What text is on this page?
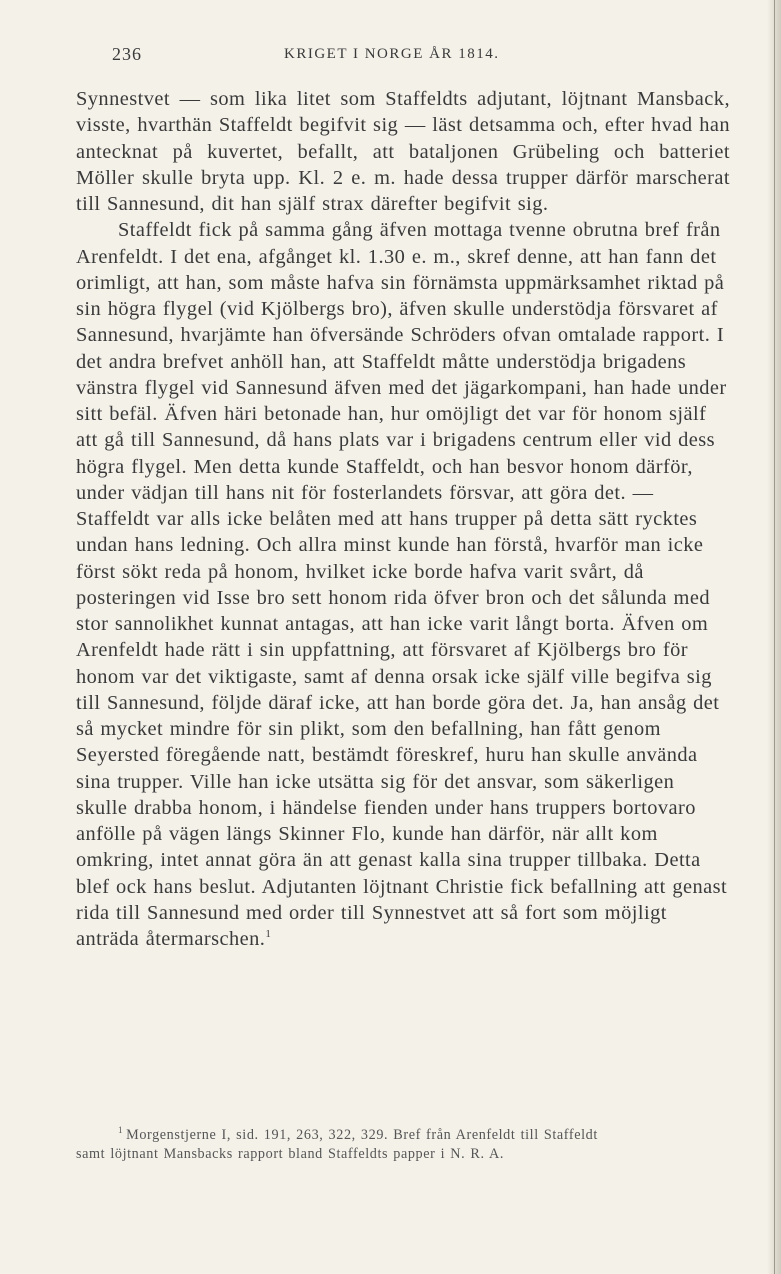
236	KRIGET I NORGE ÅR 1814.

Synnestvet — som lika litet som Staffeldts adjutant, löjtnant Mansback, visste, hvarthän Staffeldt begifvit sig — läst detsamma och, efter hvad han antecknat på kuvertet, befallt, att bataljonen Grübeling och batteriet Möller skulle bryta upp. Kl. 2 e. m. hade dessa trupper därför marscherat till Sannesund, dit han själf strax därefter begifvit sig.

Staffeldt fick på samma gång äfven mottaga tvenne obrutna bref från Arenfeldt. I det ena, afgånget kl. 1.30 e. m., skref denne, att han fann det orimligt, att han, som måste hafva sin förnämsta uppmärksamhet riktad på sin högra flygel (vid Kjölbergs bro), äfven skulle understödja försvaret af Sannesund, hvarjämte han öfversände Schröders ofvan omtalade rapport. I det andra brefvet anhöll han, att Staffeldt måtte understödja brigadens vänstra flygel vid Sannesund äfven med det jägarkompani, han hade under sitt befäl. Äfven häri betonade han, hur omöjligt det var för honom själf att gå till Sannesund, då hans plats var i brigadens centrum eller vid dess högra flygel. Men detta kunde Staffeldt, och han besvor honom därför, under vädjan till hans nit för fosterlandets försvar, att göra det. — Staffeldt var alls icke belåten med att hans trupper på detta sätt rycktes undan hans ledning. Och allra minst kunde han förstå, hvarför man icke först sökt reda på honom, hvilket icke borde hafva varit svårt, då posteringen vid Isse bro sett honom rida öfver bron och det sålunda med stor sannolikhet kunnat antagas, att han icke varit långt borta. Äfven om Arenfeldt hade rätt i sin uppfattning, att försvaret af Kjölbergs bro för honom var det viktigaste, samt af denna orsak icke själf ville begifva sig till Sannesund, följde däraf icke, att han borde göra det. Ja, han ansåg det så mycket mindre för sin plikt, som den befallning, han fått genom Seyersted föregående natt, bestämdt föreskref, huru han skulle använda sina trupper. Ville han icke utsätta sig för det ansvar, som säkerligen skulle drabba honom, i händelse fienden under hans truppers bortovaro anfölle på vägen längs Skinner Flo, kunde han därför, när allt kom omkring, intet annat göra än att genast kalla sina trupper tillbaka. Detta blef ock hans beslut. Adjutanten löjtnant Christie fick befallning att genast rida till Sannesund med order till Synnestvet att så fort som möjligt anträda återmarschen.$^1$

$^1$ Morgenstjerne I, sid. 191, 263, 322, 329. Bref från Arenfeldt till Staffeldt
samt löjtnant Mansbacks rapport bland Staffeldts papper i N. R. A.
